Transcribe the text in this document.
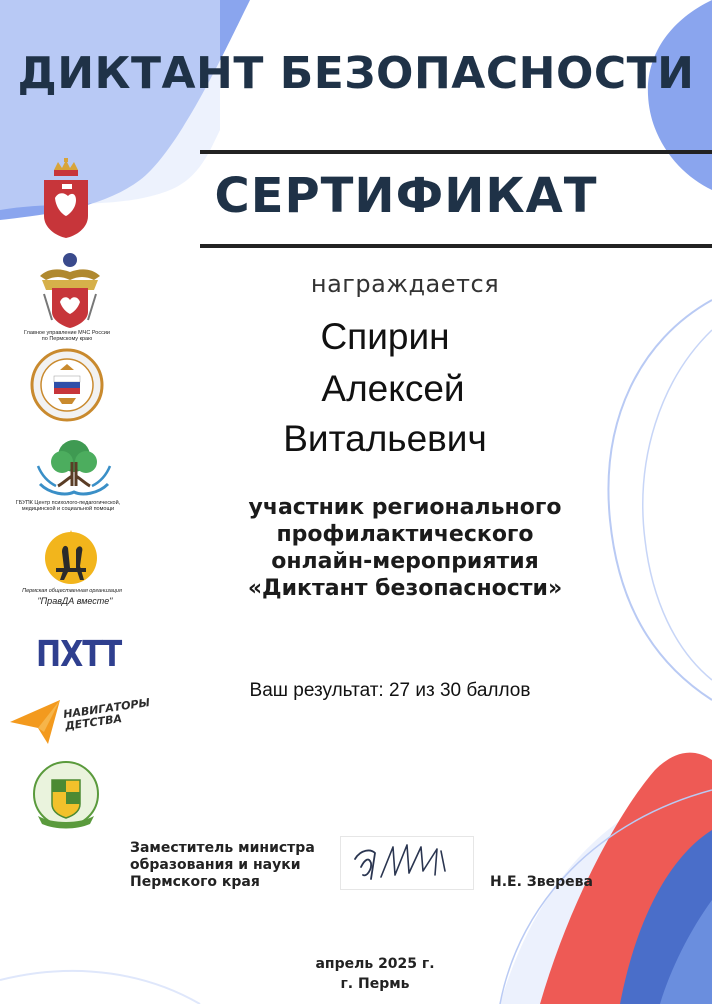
ДИКТАНТ БЕЗОПАСНОСТИ
СЕРТИФИКАТ
награждается
Спирин
Алексей
Витальевич
участник регионального
профилактического
онлайн-мероприятия
«Диктант безопасности»
Ваш результат: 27 из 30 баллов
Заместитель министра
образования и науки
Пермского края	Н.Е. Зверева
апрель 2025 г.
г. Пермь
Главное управление МЧС России по Пермскому краю
ГБУПК Центр психолого-педагогической, медицинской и социальной помощи
Пермская общественная организация
"ПравДА вместе"
ПХТТ
НАВИГАТОРЫ ДЕТСТВА
